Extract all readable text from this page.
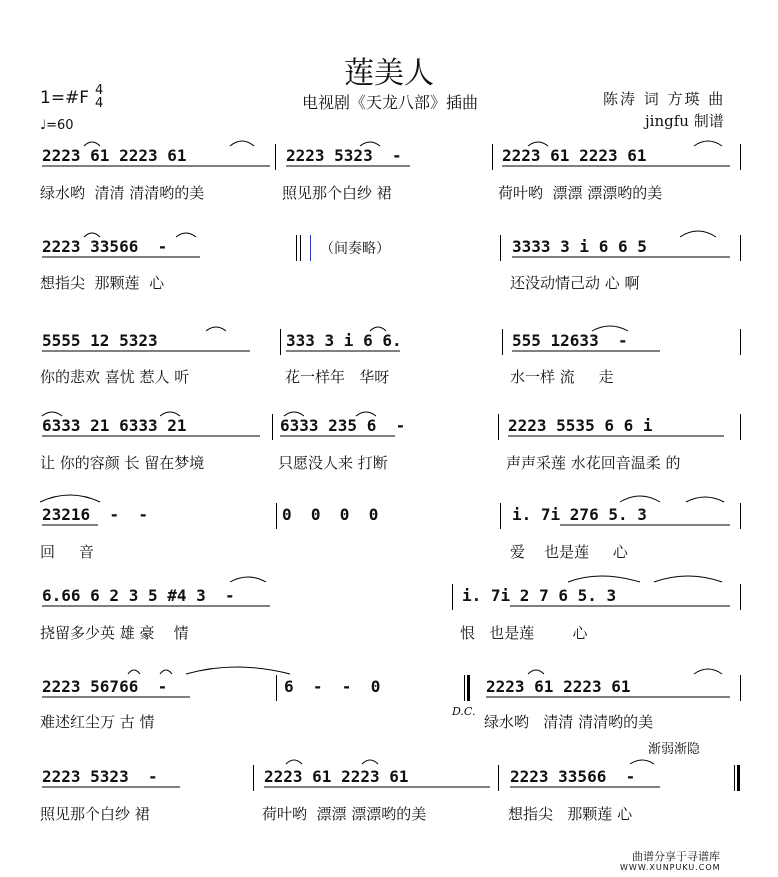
莲美人
电视剧《天龙八部》插曲
1=#F 4
4
♩=60
陈涛 词 方瑛 曲
jingfu 制谱
2223 61 2223 61	2223 5323  -	2223 61 2223 61
绿水哟  清清 清清哟的美	照见那个白纱 裙	荷叶哟  漂漂 漂漂哟的美
2223 33566  -	（间奏略）	3333 3 i 6 6 5
想指尖  那颗莲  心	还没动情己动 心 啊
5555 12 5323	333 3 i 6 6.	555 12633  -
你的悲欢 喜忧 惹人 听	花一样年   华呀	水一样 流     走
6333 21 6333 21	6333 235 6  -	2223 5535 6 6 i
让 你的容颜 长 留在梦境	只愿没人来 打断	声声采莲 水花回音温柔 的
23216  -  -	0  0  0  0	i. 7i 276 5. 3
回     音	爱    也是莲     心
6.66 6 2 3 5 #4 3  -	i. 7i 2 7 6 5. 3
挠留多少英 雄 豪    情	恨   也是莲        心
2223 56766  -	6  -  -  0	2223 61 2223 61
难述红尘万 古 情
D.C.
绿水哟   清清 清清哟的美
渐弱渐隐
2223 5323  -	2223 61 2223 61	2223 33566  -
照见那个白纱 裙	荷叶哟  漂漂 漂漂哟的美	想指尖   那颗莲 心
曲谱分享于寻谱库
WWW.XUNPUKU.COM
